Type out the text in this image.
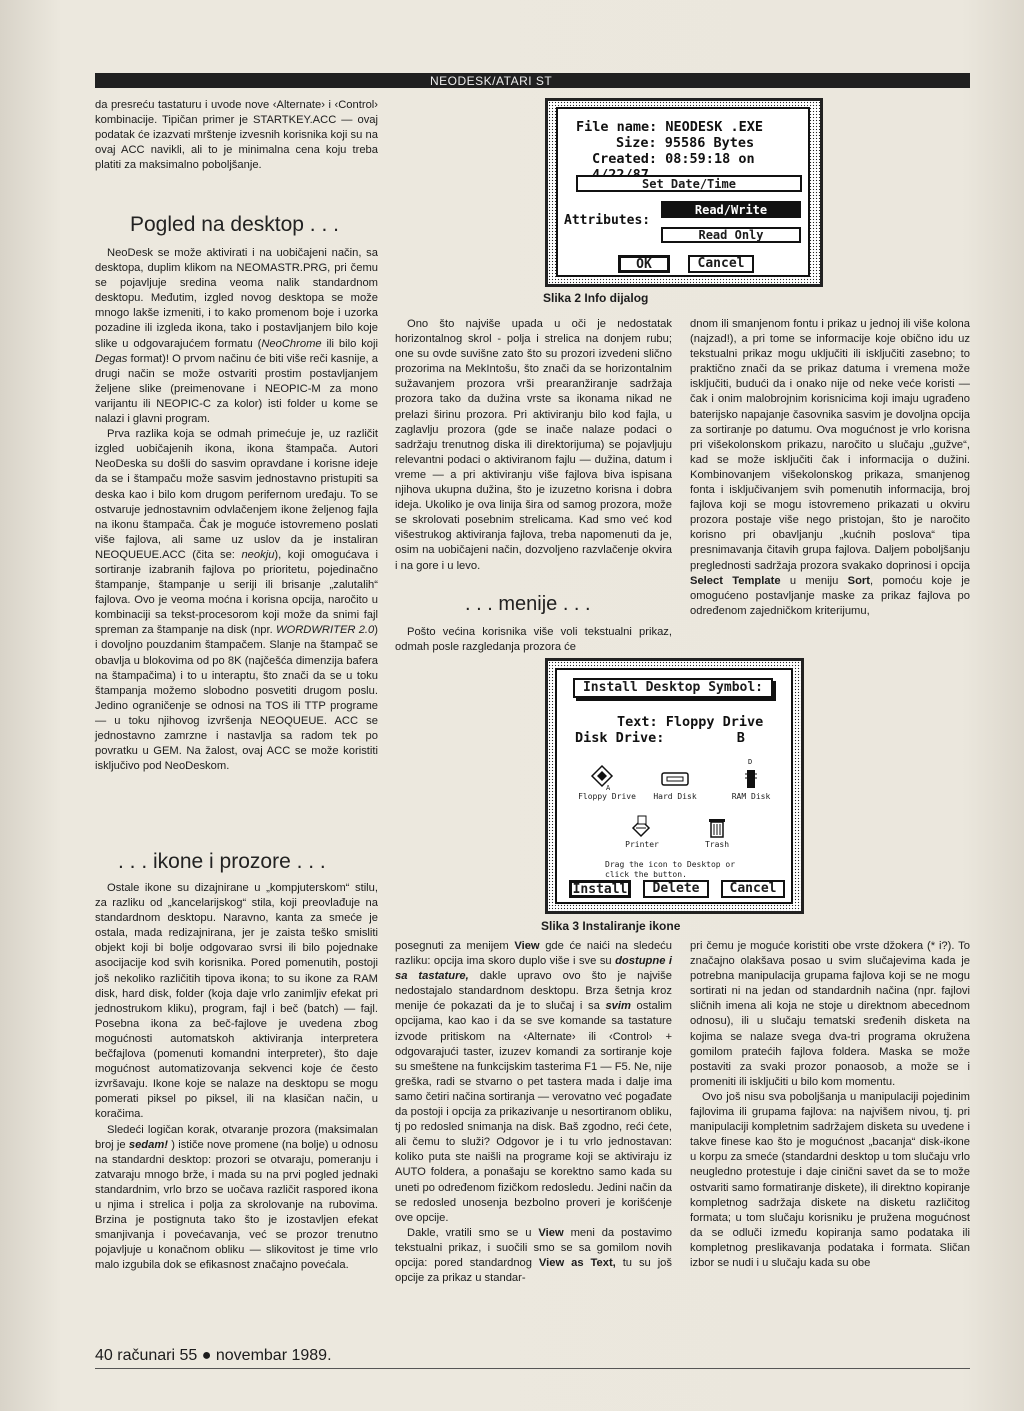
NEODESK/ATARI ST

da presreću tastaturu i uvode nove ‹Alternate› i ‹Control› kombinacije. Tipičan primer je STARTKEY.ACC — ovaj podatak će izazvati mrštenje izvesnih korisnika koji su na ovaj ACC navikli, ali to je minimalna cena koju treba platiti za maksimalno poboljšanje.

Pogled na desktop . . .

NeoDesk se može aktivirati i na uobičajeni način, sa desktopa, duplim klikom na NEOMASTR.PRG, pri čemu se pojavljuje sredina veoma nalik standardnom desktopu. Međutim, izgled novog desktopa se može mnogo lakše izmeniti, i to kako promenom boje i uzorka pozadine ili izgleda ikona, tako i postavljanjem bilo koje slike u odgovarajućem formatu (NeoChrome ili bilo koji Degas format)! O prvom načinu će biti više reči kasnije, a drugi način se može ostvariti prostim postavljanjem željene slike (preimenovane i NEOPIC-M za mono varijantu ili NEOPIC-C za kolor) isti folder u kome se nalazi i glavni program.

Prva razlika koja se odmah primećuje je, uz različit izgled uobičajenih ikona, ikona štampača. Autori NeoDeska su došli do sasvim opravdane i korisne ideje da se i štampaču može sasvim jednostavno pristupiti sa deska kao i bilo kom drugom perifernom uređaju. To se ostvaruje jednostavnim odvlačenjem ikone željenog fajla na ikonu štampača. Čak je moguće istovremeno poslati više fajlova, ali same uz uslov da je instaliran NEOQUEUE.ACC (čita se: neokju), koji omogućava i sortiranje izabranih fajlova po prioritetu, pojedinačno štampanje, štampanje u seriji ili brisanje „zalutalih“ fajlova. Ovo je veoma moćna i korisna opcija, naročito u kombinaciji sa tekst-procesorom koji može da snimi fajl spreman za štampanje na disk (npr. WORDWRITER 2.0) i dovoljno pouzdanim štampačem. Slanje na štampač se obavlja u blokovima od po 8K (najčešća dimenzija bafera na štampačima) i to u interaptu, što znači da se u toku štampanja možemo slobodno posvetiti drugom poslu. Jedino ograničenje se odnosi na TOS ili TTP programe — u toku njihovog izvršenja NEOQUEUE. ACC se jednostavno zamrzne i nastavlja sa radom tek po povratku u GEM. Na žalost, ovaj ACC se može koristiti isključivo pod NeoDeskom.

. . . ikone i prozore . . .

Ostale ikone su dizajnirane u „kompjuterskom“ stilu, za razliku od „kancelarijskog“ stila, koji preovlađuje na standardnom desktopu. Naravno, kanta za smeće je ostala, mada redizajnirana, jer je zaista teško smisliti objekt koji bi bolje odgovarao svrsi ili bilo pojednake asocijacije kod svih korisnika. Pored pomenutih, postoji još nekoliko različitih tipova ikona; to su ikone za RAM disk, hard disk, folder (koja daje vrlo zanimljiv efekat pri jednostrukom kliku), program, fajl i beč (batch) — fajl. Posebna ikona za beč-fajlove je uvedena zbog mogućnosti automatskoh aktiviranja interpretera bečfajlova (pomenuti komandni interpreter), što daje mogućnost automatizovanja sekvenci koje će često izvršavaju. Ikone koje se nalaze na desktopu se mogu pomerati piksel po piksel, ili na klasičan način, u koračima.

Sledeći logičan korak, otvaranje prozora (maksimalan broj je sedam! ) ističe nove promene (na bolje) u odnosu na standardni desktop: prozori se otvaraju, pomeranju i zatvaraju mnogo brže, i mada su na prvi pogled jednaki standardnim, vrlo brzo se uočava različit raspored ikona u njima i strelica i polja za skrolovanje na rubovima. Brzina je postignuta tako što je izostavljen efekat smanjivanja i povećavanja, već se prozor trenutno pojavljuje u konačnom obliku — slikovitost je time vrlo malo izgubila dok se efikasnost značajno povećala.

File name: NEODESK .EXE
Size: 95586 Bytes
Created: 08:59:18 on
Set Date/Time
Attributes:
Read/Write
Read Only
OK	Cancel
Slika 2 Info dijalog

Ono što najviše upada u oči je nedostatak horizontalnog skrol - polja i strelica na donjem rubu; one su ovde suvišne zato što su prozori izvedeni slično prozorima na MekIntošu, što znači da se horizontalnim sužavanjem prozora vrši prearanžiranje sadržaja prozora tako da dužina vrste sa ikonama nikad ne prelazi širinu prozora. Pri aktiviranju bilo kod fajla, u zaglavlju prozora (gde se inače nalaze podaci o sadržaju trenutnog diska ili direktorijuma) se pojavljuju relevantni podaci o aktiviranom fajlu — dužina, datum i vreme — a pri aktiviranju više fajlova biva ispisana njihova ukupna dužina, što je izuzetno korisna i dobra ideja. Ukoliko je ova linija šira od samog prozora, može se skrolovati posebnim strelicama. Kad smo već kod višestrukog aktiviranja fajlova, treba napomenuti da je, osim na uobičajeni način, dozvoljeno razvlačenje okvira i na gore i u levo.

. . . menije . . .

Pošto većina korisnika više voli tekstualni prikaz, odmah posle razgledanja prozora će

dnom ili smanjenom fontu i prikaz u jednoj ili više kolona (najzad!), a pri tome se informacije koje obično idu uz tekstualni prikaz mogu uključiti ili isključiti zasebno; to praktično znači da se prikaz datuma i vremena može isključiti, budući da i onako nije od neke veće koristi — čak i onim malobrojnim korisnicima koji imaju ugrađeno baterijsko napajanje časovnika sasvim je dovoljna opcija za sortiranje po datumu. Ova mogućnost je vrlo korisna pri višekolonskom prikazu, naročito u slučaju „gužve“, kad se može isključiti čak i informacija o dužini. Kombinovanjem višekolonskog prikaza, smanjenog fonta i isključivanjem svih pomenutih informacija, broj fajlova koji se mogu istovremeno prikazati u okviru prozora postaje više nego pristojan, što je naročito korisno pri obavljanju „kućnih poslova“ tipa presnimavanja čitavih grupa fajlova. Daljem poboljšanju preglednosti sadržaja prozora svakako doprinosi i opcija Select Template u meniju Sort, pomoću koje je omogućeno postavljanje maske za prikaz fajlova po određenom zajedničkom kriterijumu,

Install Desktop Symbol:
Text: Floppy Drive
Disk Drive:	B
A
Floppy Drive	Hard Disk
D
RAM Disk
Printer	Trash
Drag the icon to Desktop or click the button.
Install	Delete	Cancel
Slika 3 Instaliranje ikone

posegnuti za menijem View gde će naići na sledeću razliku: opcija ima skoro duplo više i sve su dostupne i sa tastature, dakle upravo ovo što je najviše nedostajalo standardnom desktopu. Brza šetnja kroz menije će pokazati da je to slučaj i sa svim ostalim opcijama, kao kao i da se sve komande sa tastature izvode pritiskom na ‹Alternate› ili ‹Control› + odgovarajući taster, izuzev komandi za sortiranje koje su smeštene na funkcijskim tasterima F1 — F5. Ne, nije greška, radi se stvarno o pet tastera mada i dalje ima samo četiri načina sortiranja — verovatno već pogađate da postoji i opcija za prikazivanje u nesortiranom obliku, tj po redosled snimanja na disk. Baš zgodno, reći ćete, ali čemu to služi? Odgovor je i tu vrlo jednostavan: koliko puta ste naišli na programe koji se aktiviraju iz AUTO foldera, a ponašaju se korektno samo kada su uneti po određenom fizičkom redosledu. Jedini način da se redosled unosenja bezbolno proveri je korišćenje ove opcije.

Dakle, vratili smo se u View meni da postavimo tekstualni prikaz, i suočili smo se sa gomilom novih opcija: pored standardnog View as Text, tu su još opcije za prikaz u standar-

pri čemu je moguće koristiti obe vrste džokera (* i?). To značajno olakšava posao u svim slučajevima kada je potrebna manipulacija grupama fajlova koji se ne mogu sortirati ni na jedan od standardnih načina (npr. fajlovi sličnih imena ali koja ne stoje u direktnom abecednom odnosu), ili u slučaju tematski sređenih disketa na kojima se nalaze svega dva-tri programa okružena gomilom pratećih fajlova foldera. Maska se može postaviti za svaki prozor ponaosob, a može se i promeniti ili isključiti u bilo kom momentu.

Ovo još nisu sva poboljšanja u manipulaciji pojedinim fajlovima ili grupama fajlova: na najvišem nivou, tj. pri manipulaciji kompletnim sadržajem disketa su uvedene i takve finese kao što je mogućnost „bacanja“ disk-ikone u korpu za smeće (standardni desktop u tom slučaju vrlo neugledno protestuje i daje cinični savet da se to može ostvariti samo formatiranje diskete), ili direktno kopiranje kompletnog sadržaja diskete na disketu različitog formata; u tom slučaju korisniku je pružena mogućnost da se odluči između kopiranja samo podataka ili kompletnog preslikavanja podataka i formata. Sličan izbor se nudi i u slučaju kada su obe

40 računari 55 ● novembar 1989.
